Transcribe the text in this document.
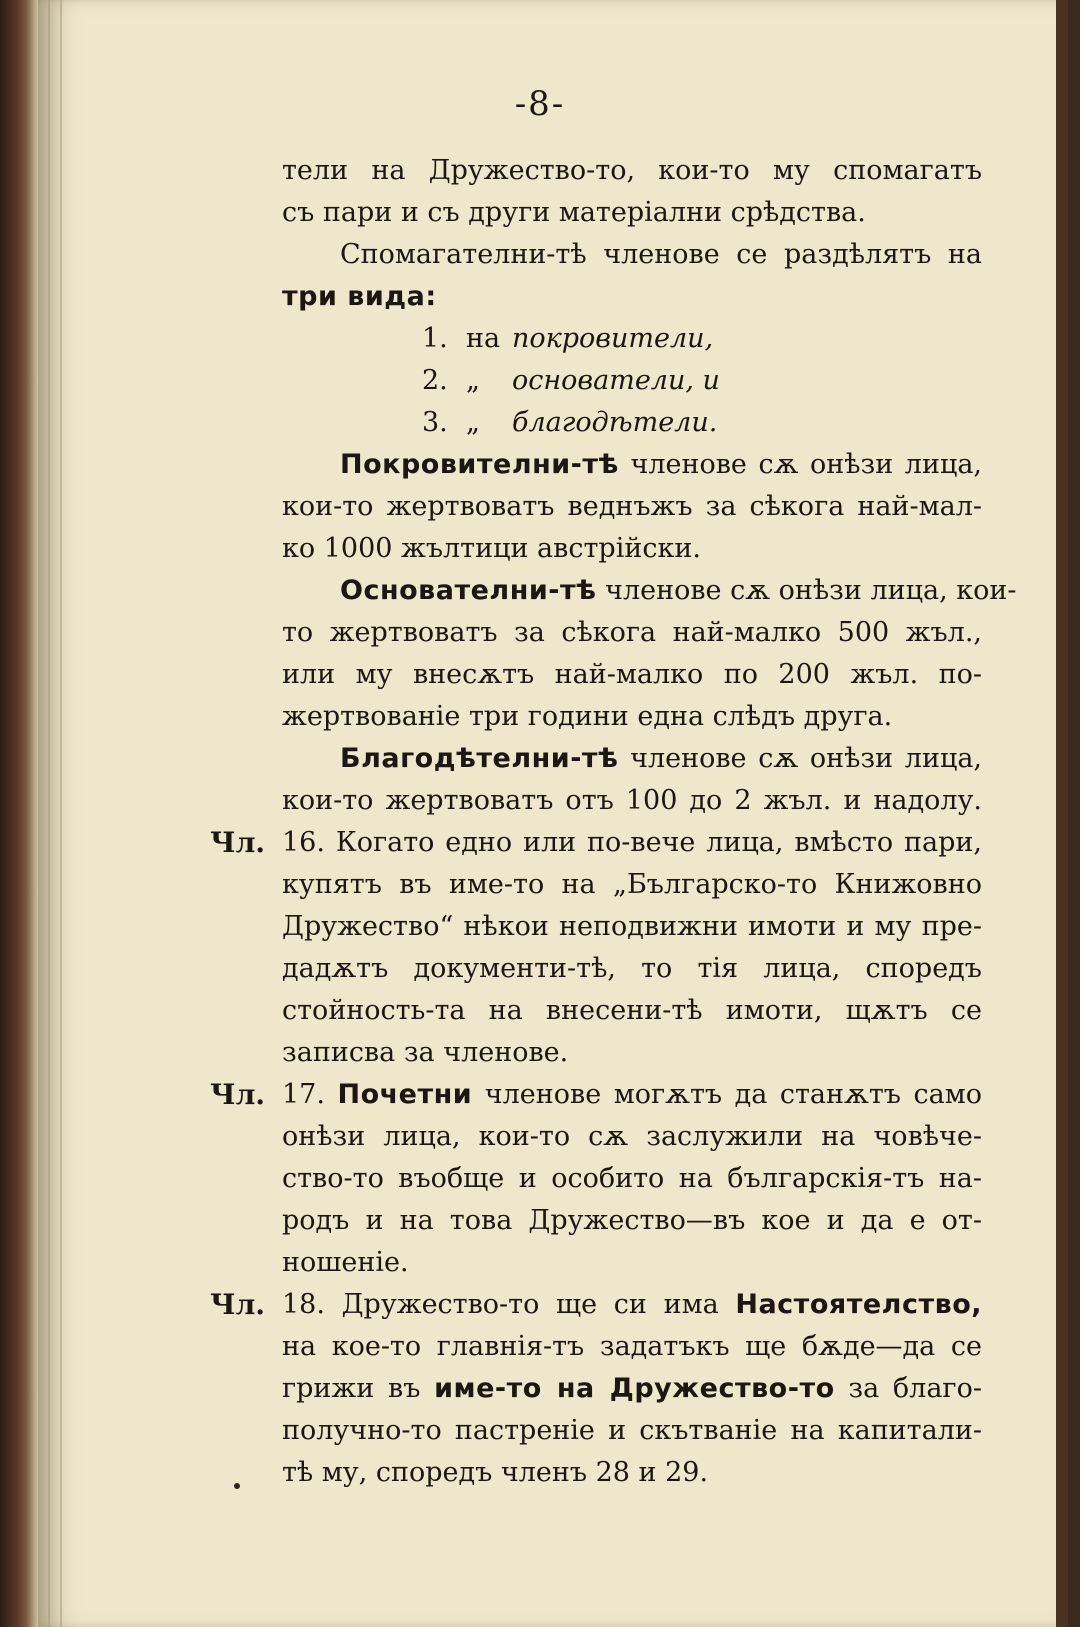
-8-
тели на Дружество-то, кои-то му спомагатъ
съ пари и съ други матеріални срѣдства.
Спомагателни-тѣ членове се раздѣлятъ на
три вида:
1. на покровители,
2. „ основатели, и
3. „ благодѣтели.
Покровителни-тѣ членове сѫ онѣзи лица,
кои-то жертвоватъ веднъжъ за сѣкога най-мал-
ко 1000 жълтици австрійски.
Основателни-тѣ членове сѫ онѣзи лица, кои-
то жертвоватъ за сѣкога най-малко 500 жъл.,
или му внесѫтъ най-малко по 200 жъл. по-
жертвованіе три години една слѣдъ друга.
Благодѣтелни-тѣ членове сѫ онѣзи лица,
кои-то жертвоватъ отъ 100 до 2 жъл. и надолу.
Чл. 16. Когато едно или по-вече лица, вмѣсто пари,
купятъ въ име-то на „Българско-то Книжовно
Дружество“ нѣкои неподвижни имоти и му пре-
дадѫтъ документи-тѣ, то тія лица, споредъ
стойность-та на внесени-тѣ имоти, щѫтъ се
записва за членове.
Чл. 17. Почетни членове могѫтъ да станѫтъ само
онѣзи лица, кои-то сѫ заслужили на човѣче-
ство-то въобще и особито на българскія-тъ на-
родъ и на това Дружество—въ кое и да е от-
ношеніе.
Чл. 18. Дружество-то ще си има Настоятелство,
на кое-то главнія-тъ задатъкъ ще бѫде—да се
грижи въ име-то на Дружество-то за благо-
получно-то пастреніе и скътваніе на капитали-
тѣ му, споредъ членъ 28 и 29.
